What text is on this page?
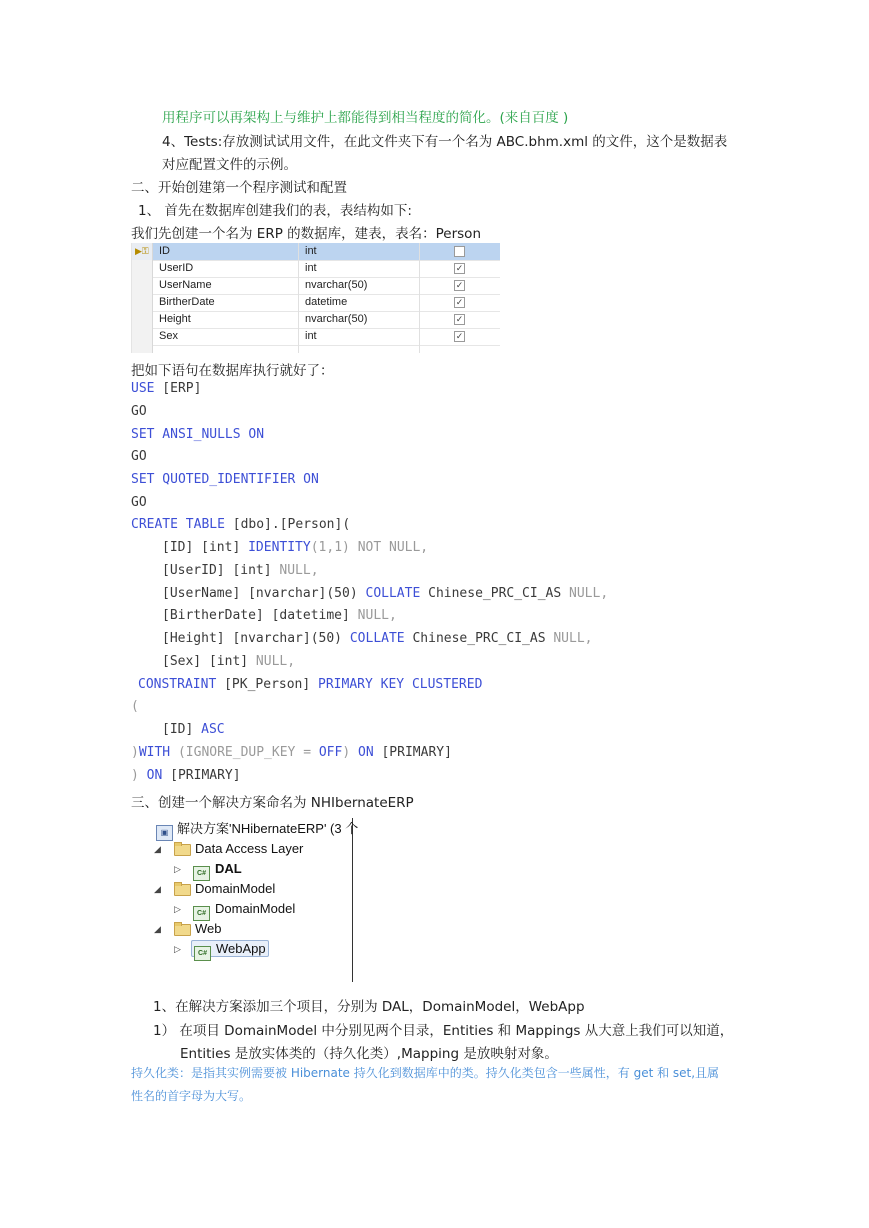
用程序可以再架构上与维护上都能得到相当程度的简化。(来自百度 )
4、Tests:存放测试试用文件，在此文件夹下有一个名为 ABC.bhm.xml 的文件，这个是数据表
对应配置文件的示例。
二、开始创建第一个程序测试和配置
1、 首先在数据库创建我们的表，表结构如下:
我们先创建一个名为 ERP 的数据库，建表，表名：Person
▶⚿ ID	int
UserID	int	✓
UserName	nvarchar(50)	✓
BirtherDate	datetime	✓
Height	nvarchar(50)	✓
Sex	int	✓
把如下语句在数据库执行就好了：
USE [ERP]
GO
SET ANSI_NULLS ON
GO
SET QUOTED_IDENTIFIER ON
GO
CREATE TABLE [dbo].[Person](
[ID] [int] IDENTITY(1,1) NOT NULL,
[UserID] [int] NULL,
[UserName] [nvarchar](50) COLLATE Chinese_PRC_CI_AS NULL,
[BirtherDate] [datetime] NULL,
[Height] [nvarchar](50) COLLATE Chinese_PRC_CI_AS NULL,
[Sex] [int] NULL,
CONSTRAINT [PK_Person] PRIMARY KEY CLUSTERED
(
[ID] ASC
)WITH (IGNORE_DUP_KEY = OFF) ON [PRIMARY]
) ON [PRIMARY]
三、创建一个解决方案命名为 NHIbernateERP
▣ 解决方案'NHibernateERP' (3 个
◢	Data Access Layer
▷ C# DAL
◢	DomainModel
▷ C# DomainModel
◢	Web
▷ C# WebApp
1、在解决方案添加三个项目，分别为 DAL，DomainModel，WebApp
1） 在项目 DomainModel 中分别见两个目录，Entities 和 Mappings 从大意上我们可以知道，
Entities 是放实体类的（持久化类）,Mapping 是放映射对象。
持久化类：是指其实例需要被 Hibernate 持久化到数据库中的类。持久化类包含一些属性，有 get 和 set,且属
性名的首字母为大写。
